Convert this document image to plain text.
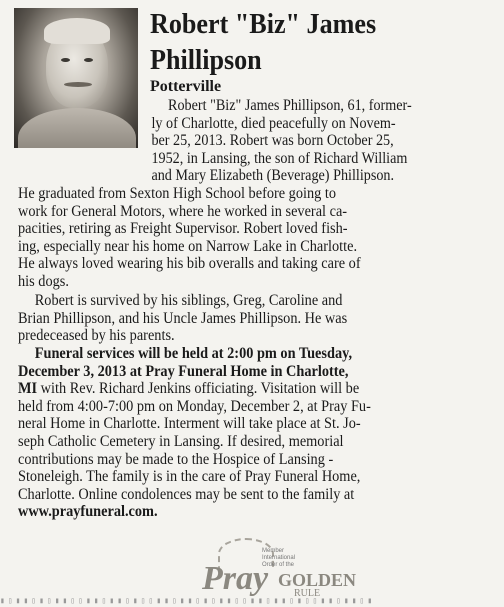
Robert "Biz" James
Phillipson
Potterville
Robert "Biz" James Phillipson, 61, former-
ly of Charlotte, died peacefully on Novem-
ber 25, 2013. Robert was born October 25,
1952, in Lansing, the son of Richard William
and Mary Elizabeth (Beverage) Phillipson.
He graduated from Sexton High School before going to
work for General Motors, where he worked in several ca-
pacities, retiring as Freight Supervisor. Robert loved fish-
ing, especially near his home on Narrow Lake in Charlotte.
He always loved wearing his bib overalls and taking care of
his dogs.
Robert is survived by his siblings, Greg, Caroline and
Brian Phillipson, and his Uncle James Phillipson. He was
predeceased by his parents.
Funeral services will be held at 2:00 pm on Tuesday,
December 3, 2013 at Pray Funeral Home in Charlotte,
MI with Rev. Richard Jenkins officiating. Visitation will be
held from 4:00-7:00 pm on Monday, December 2, at Pray Fu-
neral Home in Charlotte. Interment will take place at St. Jo-
seph Catholic Cemetery in Lansing. If desired, memorial
contributions may be made to the Hospice of Lansing -
Stoneleigh. The family is in the care of Pray Funeral Home,
Charlotte. Online condolences may be sent to the family at
www.prayfuneral.com.
Member
International
Order of the
Pray GOLDEN
RULE
▮▯▮▮▯▮▯▮▮▯▯▮▮▯▮▮▯▮▯▯▮▮▯▮▮▯▮▯▮▮▯▯▮▮▯▮▮▯▮▯▯▮▮▯▮▮▯▮
